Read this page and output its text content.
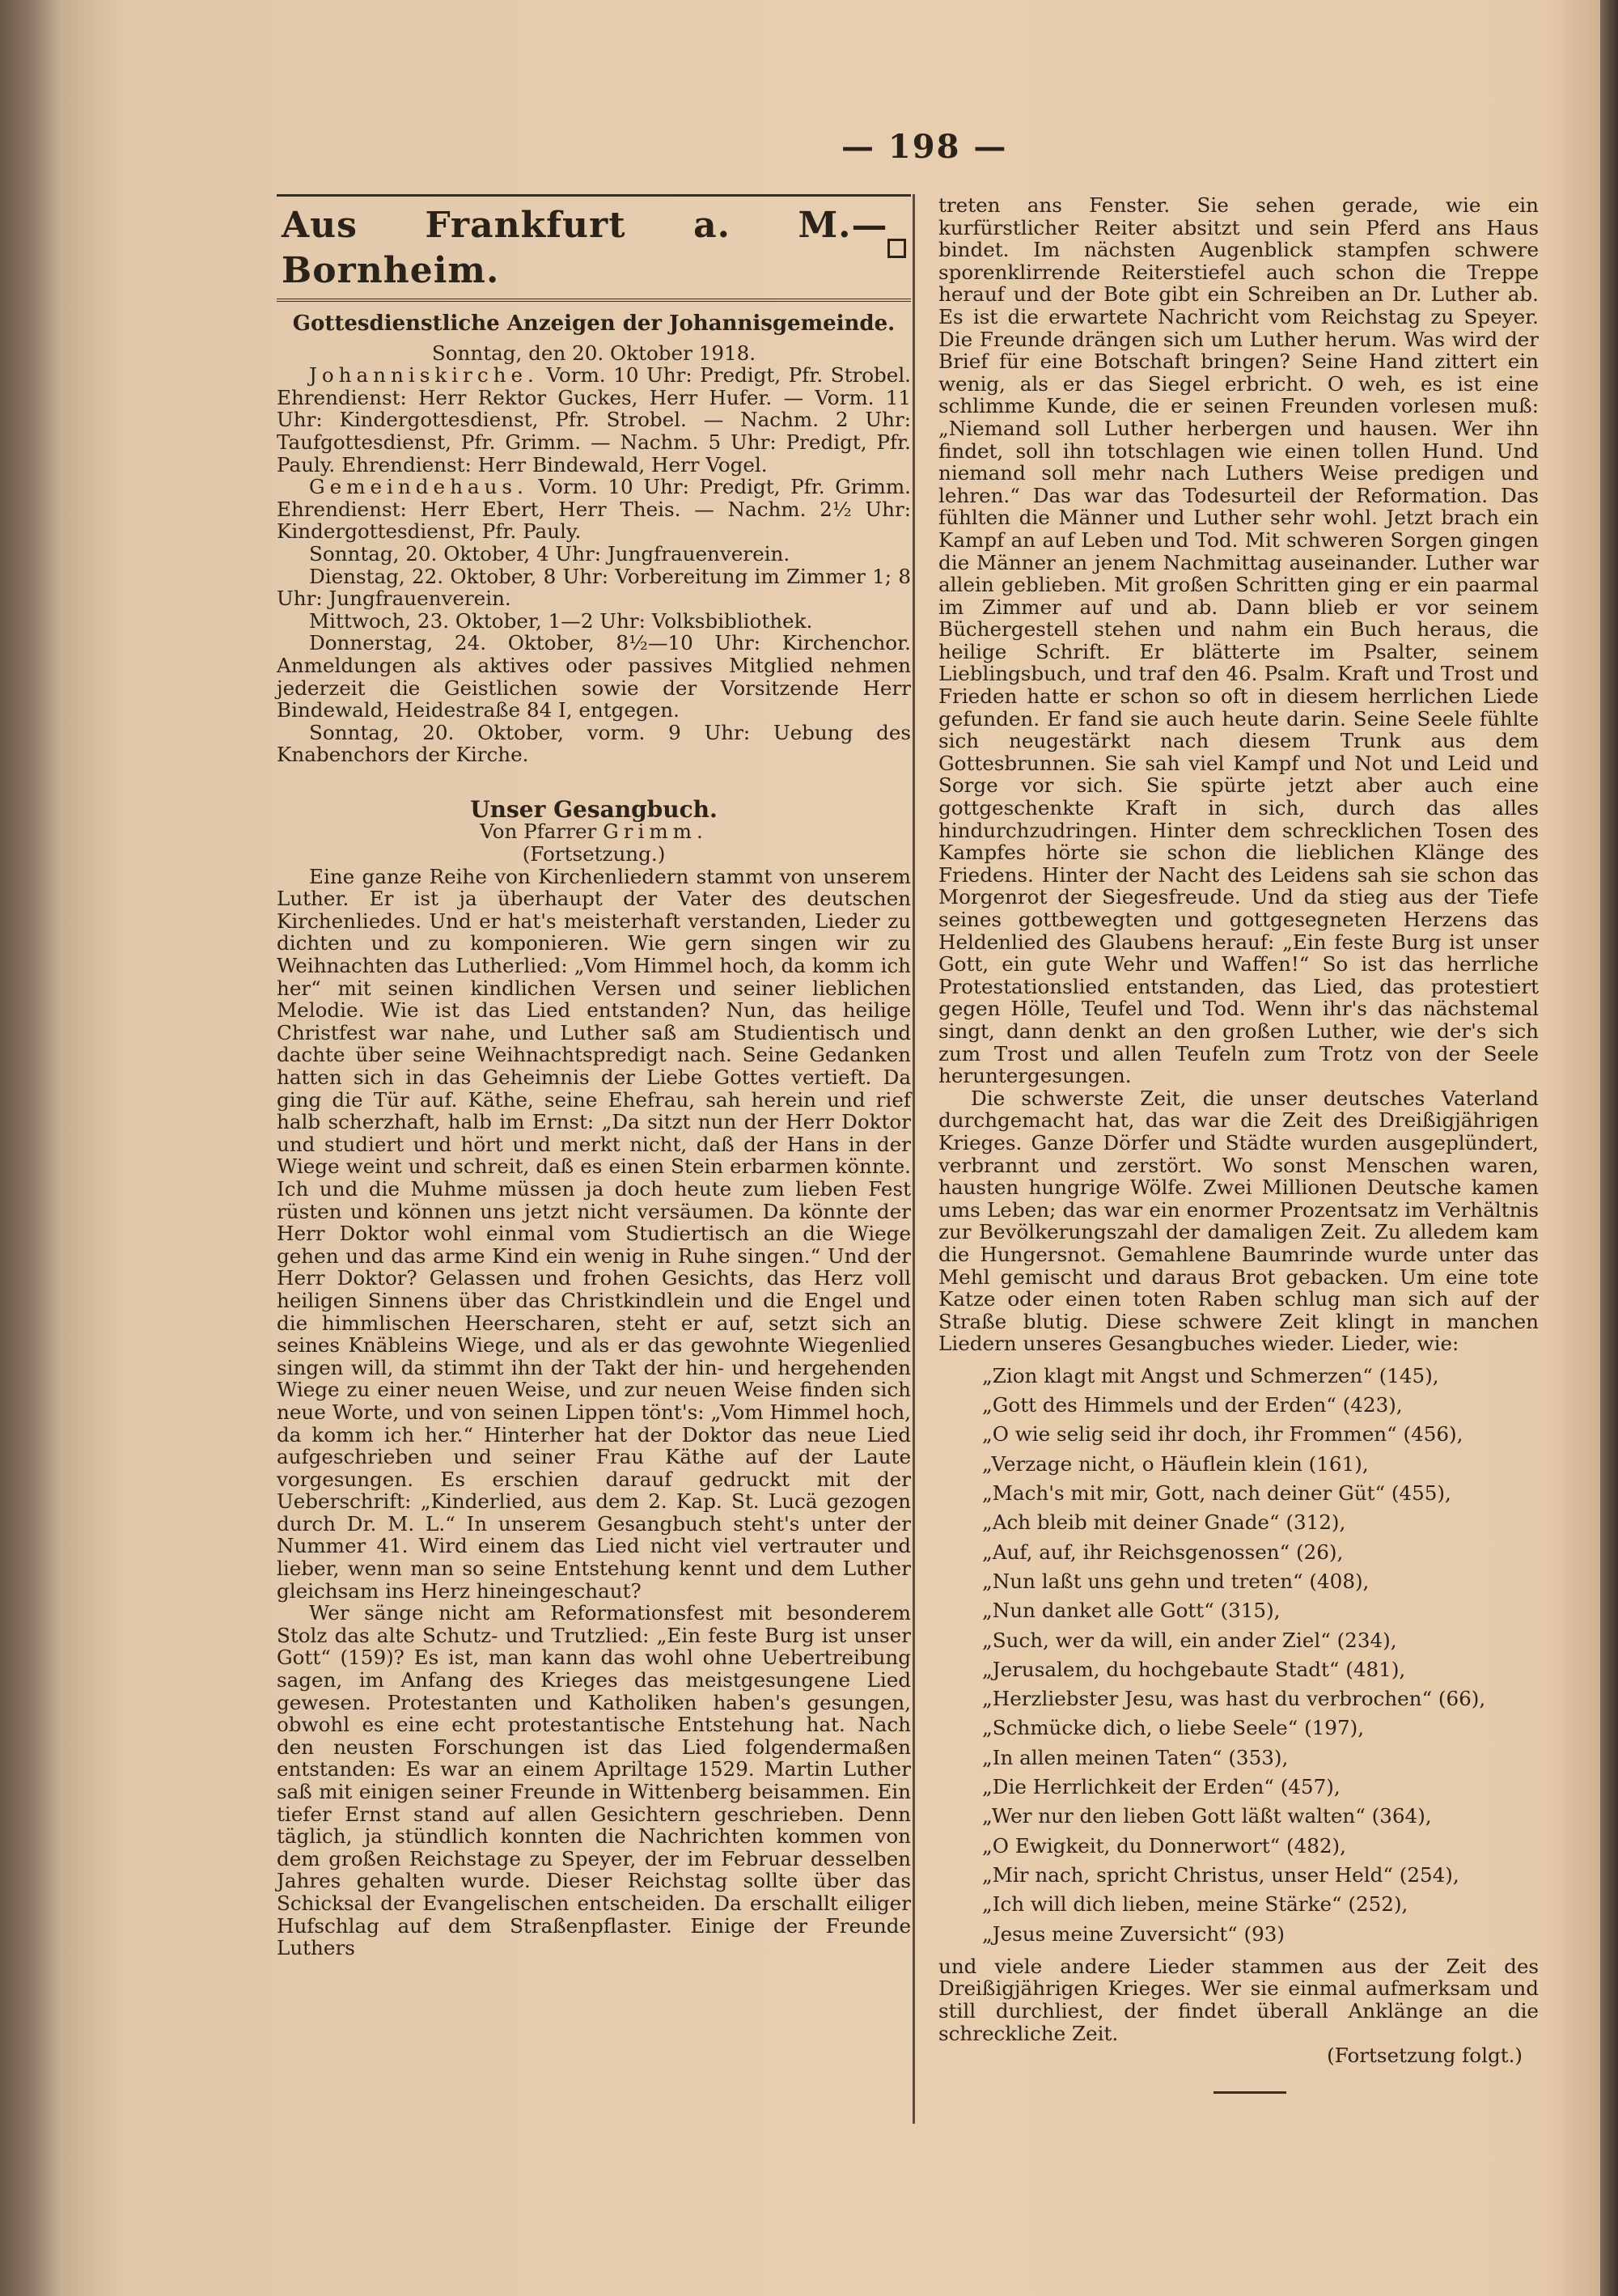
— 198 —
Aus Frankfurt a. M.—Bornheim.
Gottesdienstliche Anzeigen der Johannisgemeinde.

Sonntag, den 20. Oktober 1918.

Johanniskirche. Vorm. 10 Uhr: Predigt, Pfr. Strobel. Ehrendienst: Herr Rektor Guckes, Herr Hufer. — Vorm. 11 Uhr: Kindergottesdienst, Pfr. Strobel. — Nachm. 2 Uhr: Taufgottesdienst, Pfr. Grimm. — Nachm. 5 Uhr: Predigt, Pfr. Pauly. Ehrendienst: Herr Bindewald, Herr Vogel.

Gemeindehaus. Vorm. 10 Uhr: Predigt, Pfr. Grimm. Ehrendienst: Herr Ebert, Herr Theis. — Nachm. 2½ Uhr: Kindergottesdienst, Pfr. Pauly.

Sonntag, 20. Oktober, 4 Uhr: Jungfrauenverein.

Dienstag, 22. Oktober, 8 Uhr: Vorbereitung im Zimmer 1; 8 Uhr: Jungfrauenverein.

Mittwoch, 23. Oktober, 1—2 Uhr: Volksbibliothek.

Donnerstag, 24. Oktober, 8½—10 Uhr: Kirchenchor. Anmeldungen als aktives oder passives Mitglied nehmen jederzeit die Geistlichen sowie der Vorsitzende Herr Bindewald, Heidestraße 84 I, entgegen.

Sonntag, 20. Oktober, vorm. 9 Uhr: Uebung des Knabenchors der Kirche.

Unser Gesangbuch.

Von Pfarrer Grimm.

(Fortsetzung.)

Eine ganze Reihe von Kirchenliedern stammt von unserem Luther. Er ist ja überhaupt der Vater des deutschen Kirchenliedes. Und er hat's meisterhaft verstanden, Lieder zu dichten und zu komponieren. Wie gern singen wir zu Weihnachten das Lutherlied: „Vom Himmel hoch, da komm ich her“ mit seinen kindlichen Versen und seiner lieblichen Melodie. Wie ist das Lied entstanden? Nun, das heilige Christfest war nahe, und Luther saß am Studientisch und dachte über seine Weihnachtspredigt nach. Seine Gedanken hatten sich in das Geheimnis der Liebe Gottes vertieft. Da ging die Tür auf. Käthe, seine Ehefrau, sah herein und rief halb scherzhaft, halb im Ernst: „Da sitzt nun der Herr Doktor und studiert und hört und merkt nicht, daß der Hans in der Wiege weint und schreit, daß es einen Stein erbarmen könnte. Ich und die Muhme müssen ja doch heute zum lieben Fest rüsten und können uns jetzt nicht versäumen. Da könnte der Herr Doktor wohl einmal vom Studiertisch an die Wiege gehen und das arme Kind ein wenig in Ruhe singen.“ Und der Herr Doktor? Gelassen und frohen Gesichts, das Herz voll heiligen Sinnens über das Christkindlein und die Engel und die himmlischen Heerscharen, steht er auf, setzt sich an seines Knäbleins Wiege, und als er das gewohnte Wiegenlied singen will, da stimmt ihn der Takt der hin- und hergehenden Wiege zu einer neuen Weise, und zur neuen Weise finden sich neue Worte, und von seinen Lippen tönt's: „Vom Himmel hoch, da komm ich her.“ Hinterher hat der Doktor das neue Lied aufgeschrieben und seiner Frau Käthe auf der Laute vorgesungen. Es erschien darauf gedruckt mit der Ueberschrift: „Kinderlied, aus dem 2. Kap. St. Lucä gezogen durch Dr. M. L.“ In unserem Gesangbuch steht's unter der Nummer 41. Wird einem das Lied nicht viel vertrauter und lieber, wenn man so seine Entstehung kennt und dem Luther gleichsam ins Herz hineingeschaut?

Wer sänge nicht am Reformationsfest mit besonderem Stolz das alte Schutz- und Trutzlied: „Ein feste Burg ist unser Gott“ (159)? Es ist, man kann das wohl ohne Uebertreibung sagen, im Anfang des Krieges das meistgesungene Lied gewesen. Protestanten und Katholiken haben's gesungen, obwohl es eine echt protestantische Entstehung hat. Nach den neusten Forschungen ist das Lied folgendermaßen entstanden: Es war an einem Apriltage 1529. Martin Luther saß mit einigen seiner Freunde in Wittenberg beisammen. Ein tiefer Ernst stand auf allen Gesichtern geschrieben. Denn täglich, ja stündlich konnten die Nachrichten kommen von dem großen Reichstage zu Speyer, der im Februar desselben Jahres gehalten wurde. Dieser Reichstag sollte über das Schicksal der Evangelischen entscheiden. Da erschallt eiliger Hufschlag auf dem Straßenpflaster. Einige der Freunde Luthers

treten ans Fenster. Sie sehen gerade, wie ein kurfürstlicher Reiter absitzt und sein Pferd ans Haus bindet. Im nächsten Augenblick stampfen schwere sporenklirrende Reiterstiefel auch schon die Treppe herauf und der Bote gibt ein Schreiben an Dr. Luther ab. Es ist die erwartete Nachricht vom Reichstag zu Speyer. Die Freunde drängen sich um Luther herum. Was wird der Brief für eine Botschaft bringen? Seine Hand zittert ein wenig, als er das Siegel erbricht. O weh, es ist eine schlimme Kunde, die er seinen Freunden vorlesen muß: „Niemand soll Luther herbergen und hausen. Wer ihn findet, soll ihn totschlagen wie einen tollen Hund. Und niemand soll mehr nach Luthers Weise predigen und lehren.“ Das war das Todesurteil der Reformation. Das fühlten die Männer und Luther sehr wohl. Jetzt brach ein Kampf an auf Leben und Tod. Mit schweren Sorgen gingen die Männer an jenem Nachmittag auseinander. Luther war allein geblieben. Mit großen Schritten ging er ein paarmal im Zimmer auf und ab. Dann blieb er vor seinem Büchergestell stehen und nahm ein Buch heraus, die heilige Schrift. Er blätterte im Psalter, seinem Lieblingsbuch, und traf den 46. Psalm. Kraft und Trost und Frieden hatte er schon so oft in diesem herrlichen Liede gefunden. Er fand sie auch heute darin. Seine Seele fühlte sich neugestärkt nach diesem Trunk aus dem Gottesbrunnen. Sie sah viel Kampf und Not und Leid und Sorge vor sich. Sie spürte jetzt aber auch eine gottgeschenkte Kraft in sich, durch das alles hindurchzudringen. Hinter dem schrecklichen Tosen des Kampfes hörte sie schon die lieblichen Klänge des Friedens. Hinter der Nacht des Leidens sah sie schon das Morgenrot der Siegesfreude. Und da stieg aus der Tiefe seines gottbewegten und gottgesegneten Herzens das Heldenlied des Glaubens herauf: „Ein feste Burg ist unser Gott, ein gute Wehr und Waffen!“ So ist das herrliche Protestationslied entstanden, das Lied, das protestiert gegen Hölle, Teufel und Tod. Wenn ihr's das nächstemal singt, dann denkt an den großen Luther, wie der's sich zum Trost und allen Teufeln zum Trotz von der Seele heruntergesungen.

Die schwerste Zeit, die unser deutsches Vaterland durchgemacht hat, das war die Zeit des Dreißigjährigen Krieges. Ganze Dörfer und Städte wurden ausgeplündert, verbrannt und zerstört. Wo sonst Menschen waren, hausten hungrige Wölfe. Zwei Millionen Deutsche kamen ums Leben; das war ein enormer Prozentsatz im Verhältnis zur Bevölkerungszahl der damaligen Zeit. Zu alledem kam die Hungersnot. Gemahlene Baumrinde wurde unter das Mehl gemischt und daraus Brot gebacken. Um eine tote Katze oder einen toten Raben schlug man sich auf der Straße blutig. Diese schwere Zeit klingt in manchen Liedern unseres Gesangbuches wieder. Lieder, wie:

„Zion klagt mit Angst und Schmerzen“ (145),
„Gott des Himmels und der Erden“ (423),
„O wie selig seid ihr doch, ihr Frommen“ (456),
„Verzage nicht, o Häuflein klein (161),
„Mach's mit mir, Gott, nach deiner Güt“ (455),
„Ach bleib mit deiner Gnade“ (312),
„Auf, auf, ihr Reichsgenossen“ (26),
„Nun laßt uns gehn und treten“ (408),
„Nun danket alle Gott“ (315),
„Such, wer da will, ein ander Ziel“ (234),
„Jerusalem, du hochgebaute Stadt“ (481),
„Herzliebster Jesu, was hast du verbrochen“ (66),
„Schmücke dich, o liebe Seele“ (197),
„In allen meinen Taten“ (353),
„Die Herrlichkeit der Erden“ (457),
„Wer nur den lieben Gott läßt walten“ (364),
„O Ewigkeit, du Donnerwort“ (482),
„Mir nach, spricht Christus, unser Held“ (254),
„Ich will dich lieben, meine Stärke“ (252),
„Jesus meine Zuversicht“ (93)

und viele andere Lieder stammen aus der Zeit des Dreißigjährigen Krieges. Wer sie einmal aufmerksam und still durchliest, der findet überall Anklänge an die schreckliche Zeit.

(Fortsetzung folgt.)
